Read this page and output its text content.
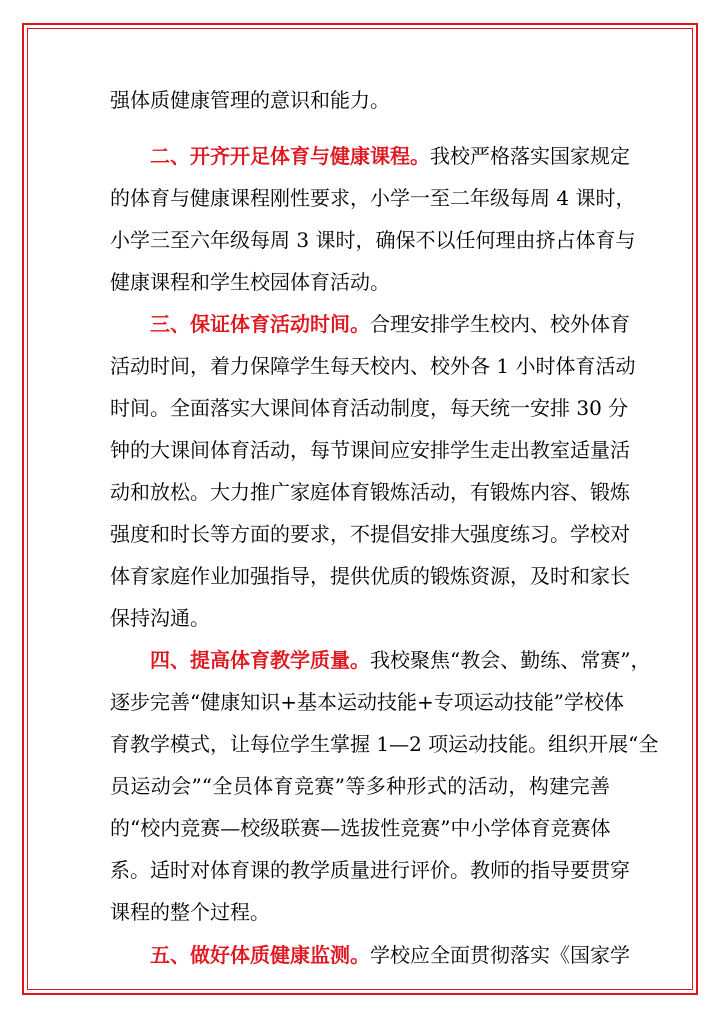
强体质健康管理的意识和能力。
二、开齐开足体育与健康课程。我校严格落实国家规定
的体育与健康课程刚性要求，小学一至二年级每周 4 课时，
小学三至六年级每周 3 课时，确保不以任何理由挤占体育与
健康课程和学生校园体育活动。
三、保证体育活动时间。合理安排学生校内、校外体育
活动时间，着力保障学生每天校内、校外各 1 小时体育活动
时间。全面落实大课间体育活动制度，每天统一安排 30 分
钟的大课间体育活动，每节课间应安排学生走出教室适量活
动和放松。大力推广家庭体育锻炼活动，有锻炼内容、锻炼
强度和时长等方面的要求，不提倡安排大强度练习。学校对
体育家庭作业加强指导，提供优质的锻炼资源，及时和家长
保持沟通。
四、提高体育教学质量。我校聚焦“教会、勤练、常赛”，
逐步完善“健康知识+基本运动技能+专项运动技能”学校体
育教学模式，让每位学生掌握 1—2 项运动技能。组织开展“全
员运动会”“全员体育竞赛”等多种形式的活动，构建完善
的“校内竞赛—校级联赛—选拔性竞赛”中小学体育竞赛体
系。适时对体育课的教学质量进行评价。教师的指导要贯穿
课程的整个过程。
五、做好体质健康监测。学校应全面贯彻落实《国家学
